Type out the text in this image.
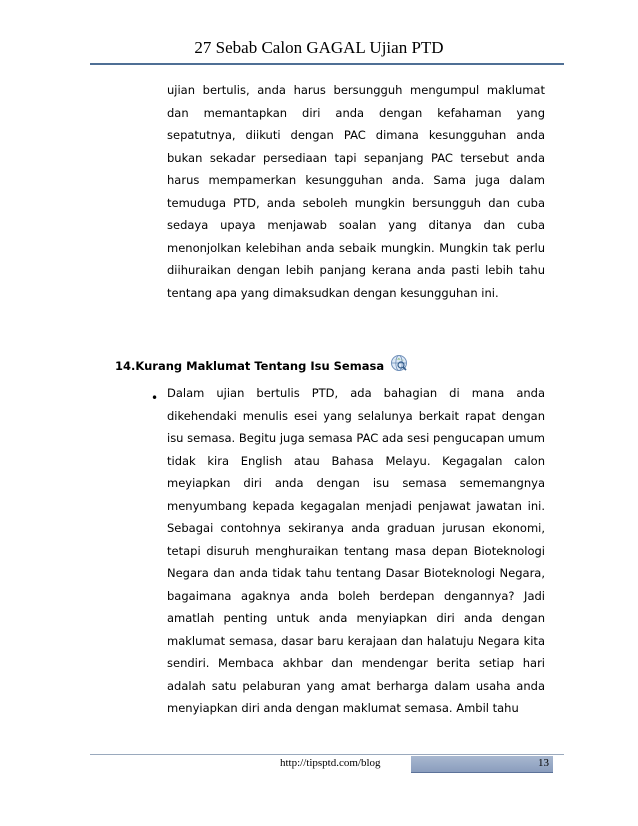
27 Sebab Calon GAGAL Ujian PTD
ujian bertulis, anda harus bersungguh mengumpul maklumat dan memantapkan diri anda dengan kefahaman yang sepatutnya, diikuti dengan PAC dimana kesungguhan anda bukan sekadar persediaan tapi sepanjang PAC tersebut anda harus mempamerkan kesungguhan anda. Sama juga dalam temuduga PTD, anda seboleh mungkin bersungguh dan cuba sedaya upaya menjawab soalan yang ditanya dan cuba menonjolkan kelebihan anda sebaik mungkin. Mungkin tak perlu diihuraikan dengan lebih panjang kerana anda pasti lebih tahu tentang apa yang dimaksudkan dengan kesungguhan ini.
14.Kurang Maklumat Tentang Isu Semasa
• Dalam ujian bertulis PTD, ada bahagian di mana anda dikehendaki menulis esei yang selalunya berkait rapat dengan isu semasa. Begitu juga semasa PAC ada sesi pengucapan umum tidak kira English atau Bahasa Melayu. Kegagalan calon meyiapkan diri anda dengan isu semasa sememangnya menyumbang kepada kegagalan menjadi penjawat jawatan ini. Sebagai contohnya sekiranya anda graduan jurusan ekonomi, tetapi disuruh menghuraikan tentang masa depan Bioteknologi Negara dan anda tidak tahu tentang Dasar Bioteknologi Negara, bagaimana agaknya anda boleh berdepan dengannya? Jadi amatlah penting untuk anda menyiapkan diri anda dengan maklumat semasa, dasar baru kerajaan dan halatuju Negara kita sendiri. Membaca akhbar dan mendengar berita setiap hari adalah satu pelaburan yang amat berharga dalam usaha anda menyiapkan diri anda dengan maklumat semasa. Ambil tahu
http://tipsptd.com/blog	13
